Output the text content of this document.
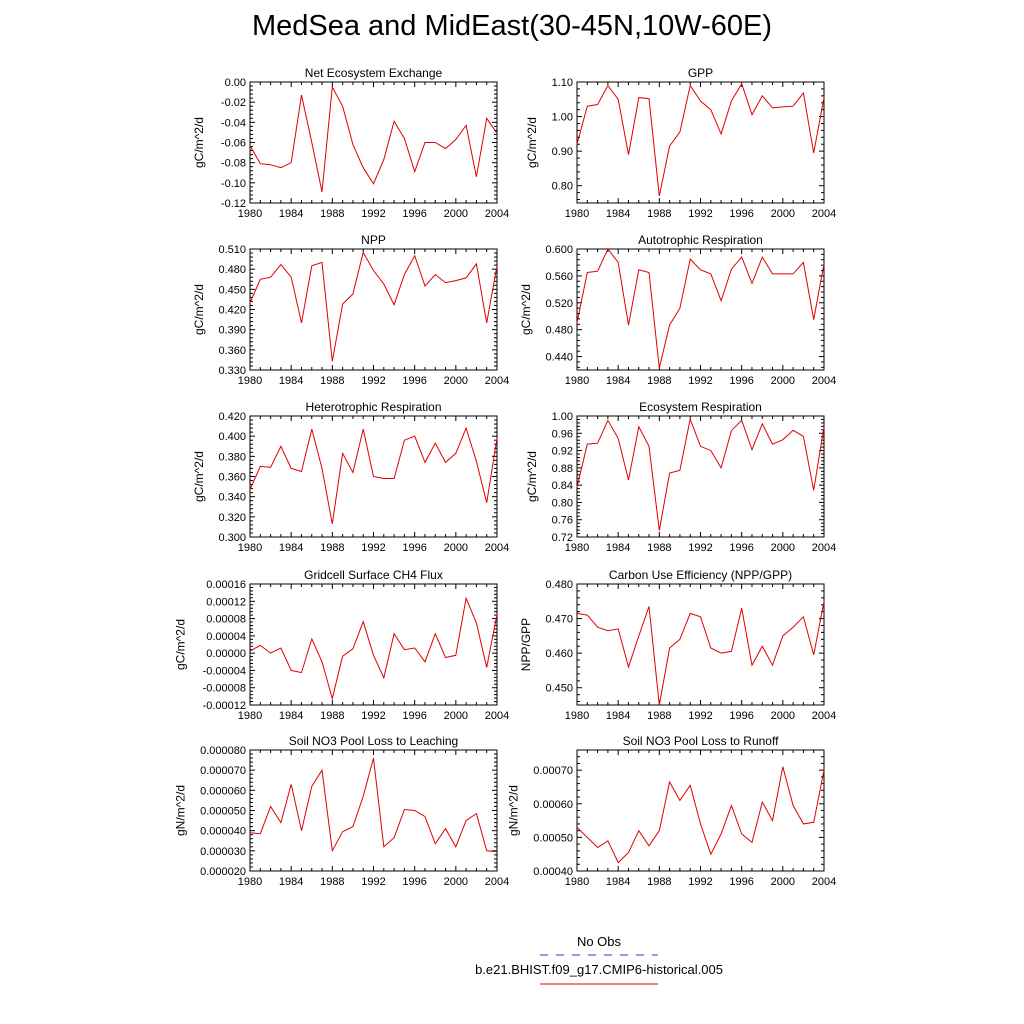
MedSea and MidEast(30-45N,10W-60E)
1980 1984 1988 1992 1996 2000 2004
0.00
-0.02
-0.04
-0.06
-0.08
-0.10
-0.12
Net Ecosystem Exchange
gC/m^2/d
1980 1984 1988 1992 1996 2000 2004
1.10
1.00
0.90
0.80
GPP
gC/m^2/d
1980 1984 1988 1992 1996 2000 2004
0.510
0.480
0.450
0.420
0.390
0.360
0.330
NPP
gC/m^2/d
1980 1984 1988 1992 1996 2000 2004
0.600
0.560
0.520
0.480
0.440
Autotrophic Respiration
gC/m^2/d
1980 1984 1988 1992 1996 2000 2004
0.420
0.400
0.380
0.360
0.340
0.320
0.300
Heterotrophic Respiration
gC/m^2/d
1980 1984 1988 1992 1996 2000 2004
1.00
0.96
0.92
0.88
0.84
0.80
0.76
0.72
Ecosystem Respiration
gC/m^2/d
1980 1984 1988 1992 1996 2000 2004
0.00016
0.00012
0.00008
0.00004
0.00000
-0.00004
-0.00008
-0.00012
Gridcell Surface CH4 Flux
gC/m^2/d
1980 1984 1988 1992 1996 2000 2004
0.480
0.470
0.460
0.450
Carbon Use Efficiency (NPP/GPP)
NPP/GPP
1980 1984 1988 1992 1996 2000 2004
0.000080
0.000070
0.000060
0.000050
0.000040
0.000030
0.000020
Soil NO3 Pool Loss to Leaching
gN/m^2/d
1980 1984 1988 1992 1996 2000 2004
0.00070
0.00060
0.00050
0.00040
Soil NO3 Pool Loss to Runoff
gN/m^2/d
No Obs
b.e21.BHIST.f09_g17.CMIP6-historical.005
